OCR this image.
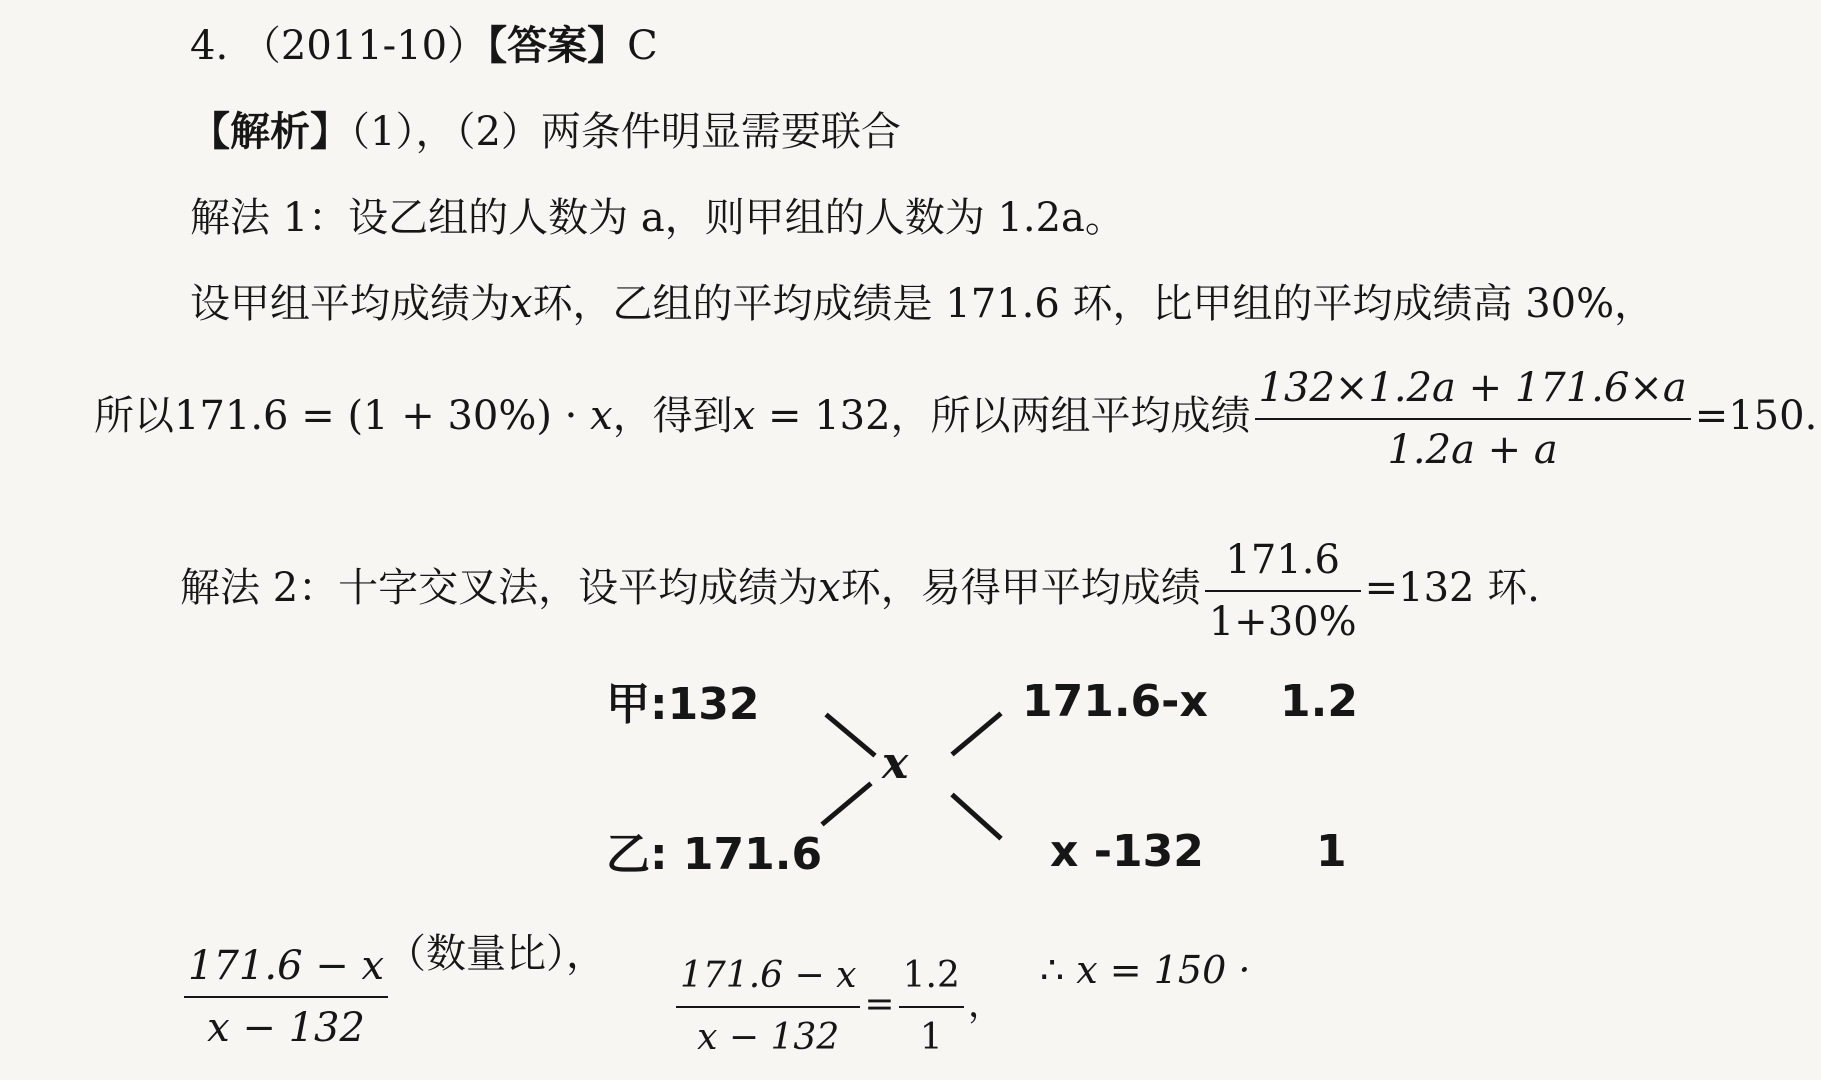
4. （2011-10）【答案】C
【解析】（1），（2）两条件明显需要联合
解法 1：设乙组的人数为 a，则甲组的人数为 1.2a。
设甲组平均成绩为x环，乙组的平均成绩是 171.6 环，比甲组的平均成绩高 30%，
所以171.6 = (1 + 30%) · x，得到x = 132，所以两组平均成绩 $\frac{132\times 1.2a + 171.6\times a}{1.2a + a} =150$.
解法 2：十字交叉法，设平均成绩为x环，易得甲平均成绩 $\frac{171.6}{1+30\%} =132$ 环.
甲:132
乙: 171.6
x
171.6-x
x -132
1.2
1
$\frac{171.6 - x}{x - 132}$
（数量比）， $\frac{171.6 - x}{x - 132} = \frac{1.2}{1}$ ，
∴ x = 150 ·
